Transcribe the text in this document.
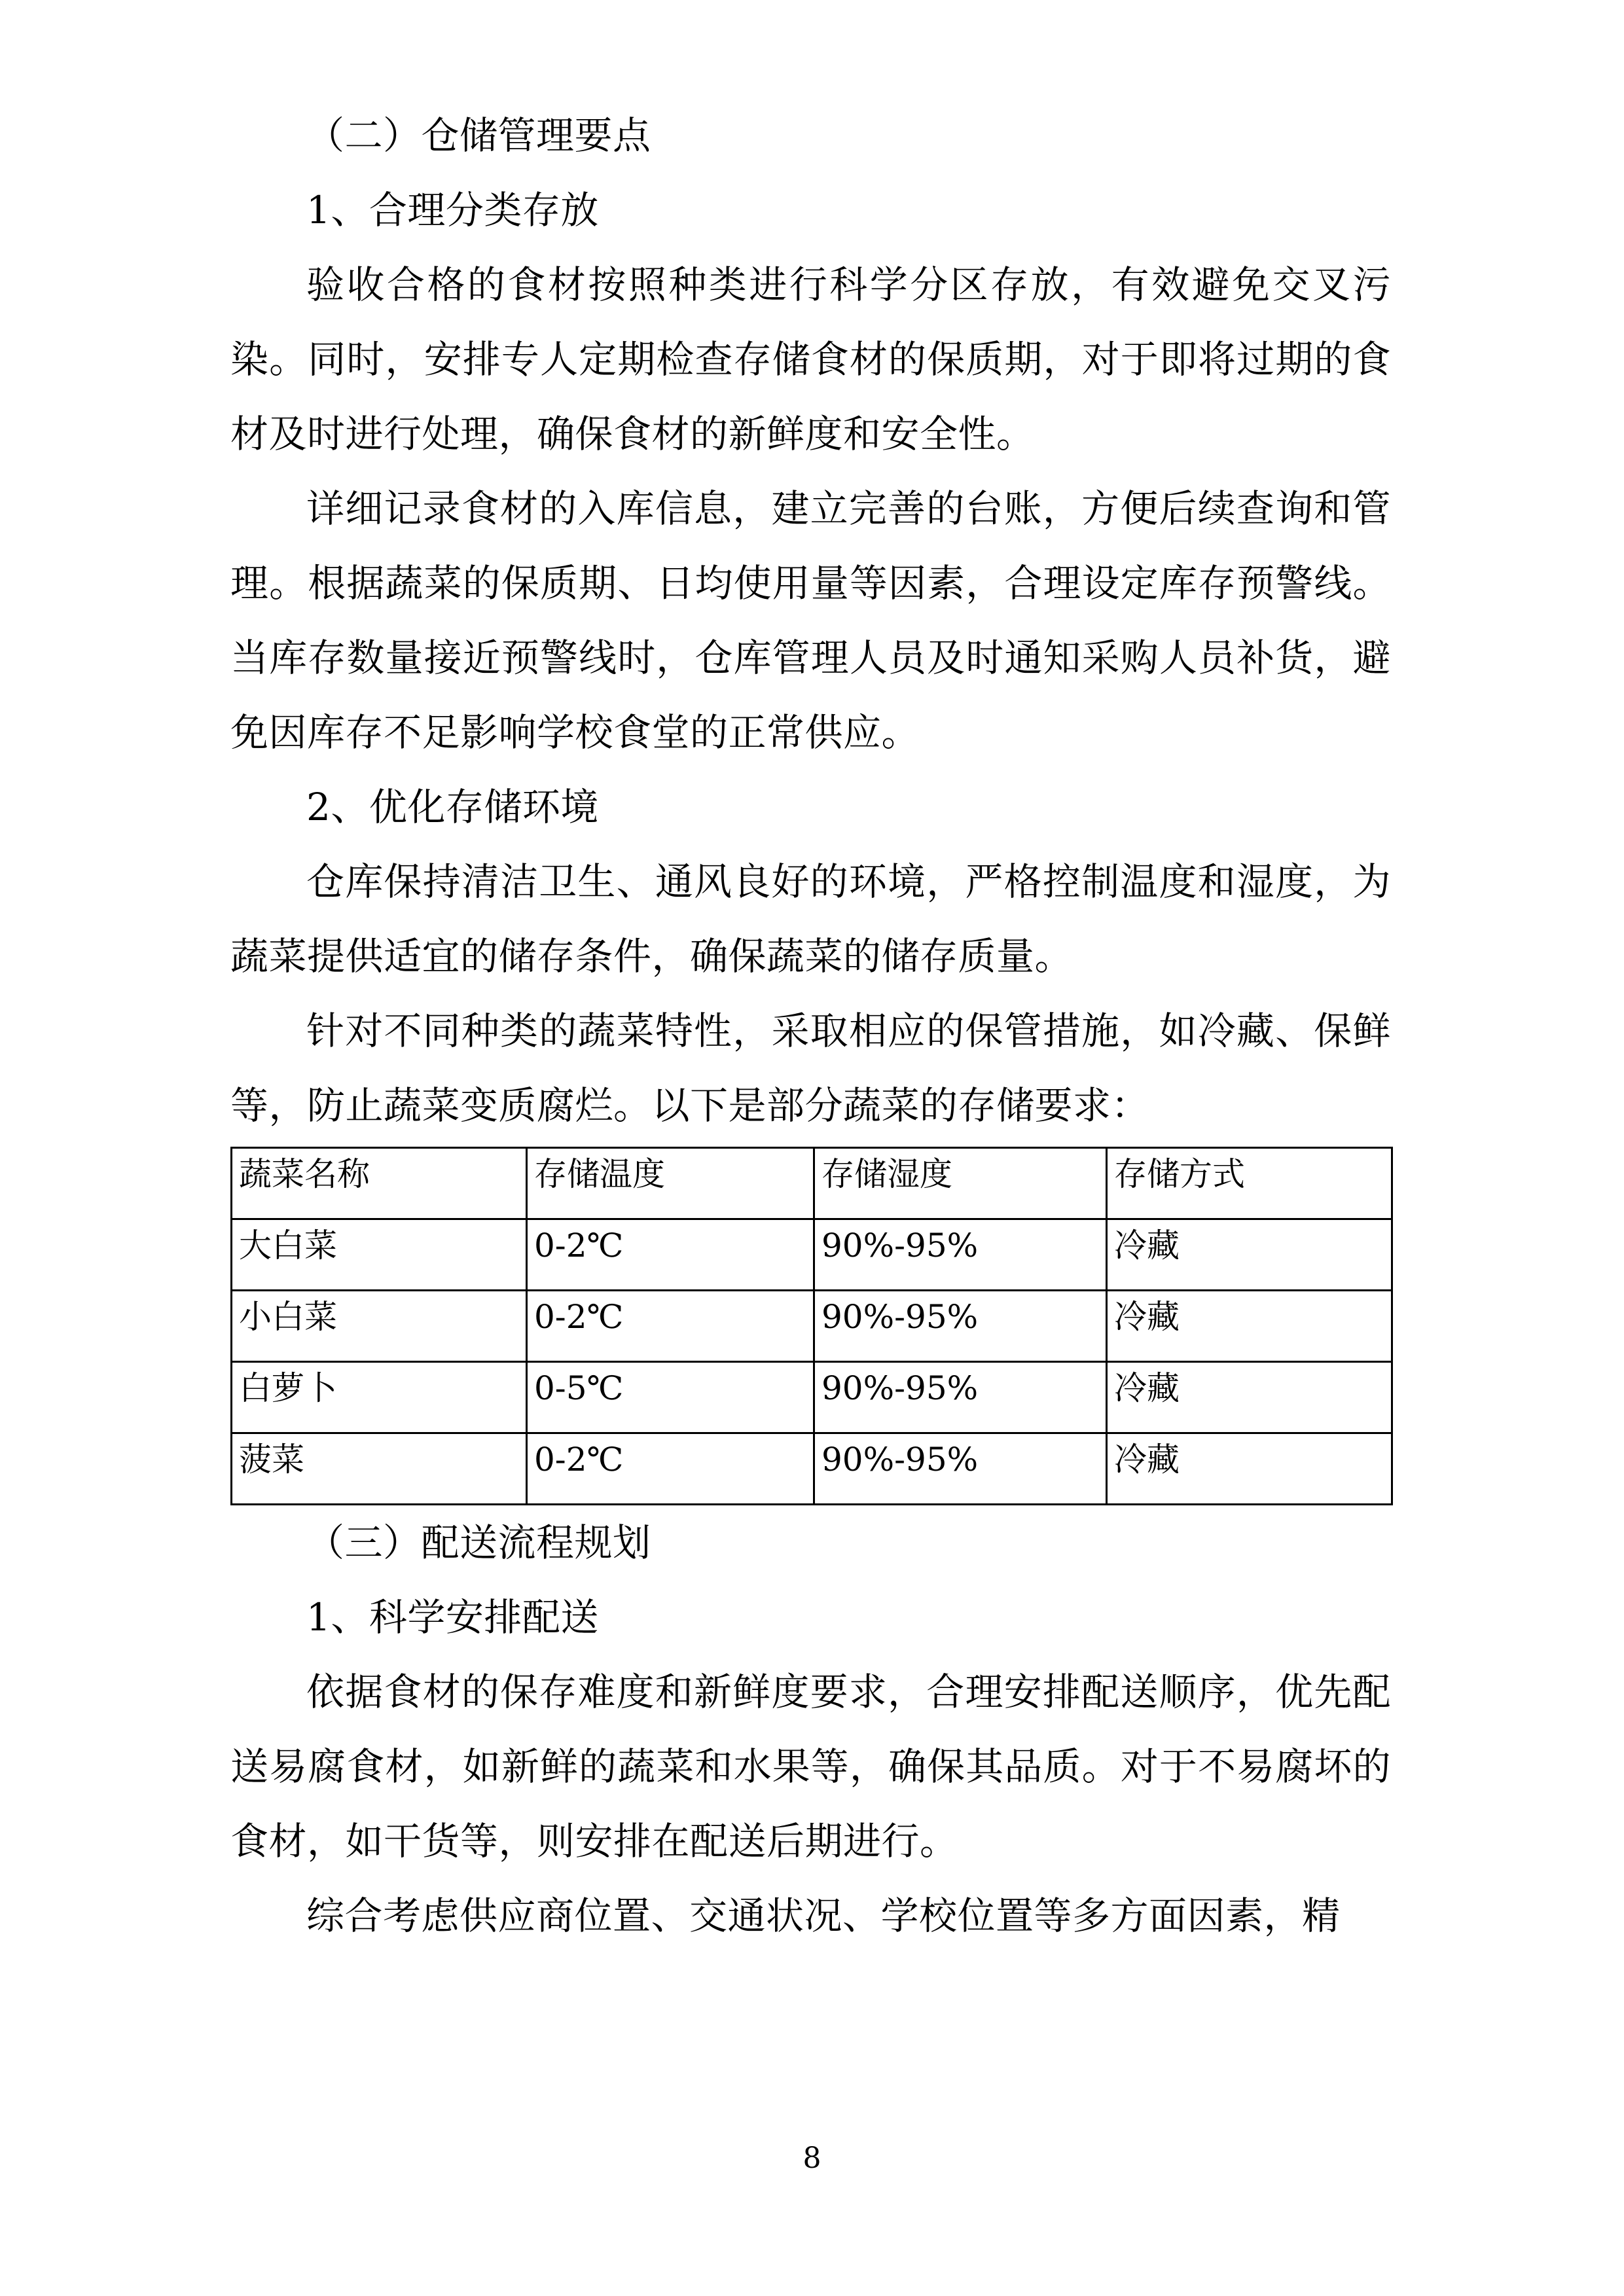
（二）仓储管理要点

1、合理分类存放

验收合格的食材按照种类进行科学分区存放，有效避免交叉污染。同时，安排专人定期检查存储食材的保质期，对于即将过期的食材及时进行处理，确保食材的新鲜度和安全性。

详细记录食材的入库信息，建立完善的台账，方便后续查询和管理。根据蔬菜的保质期、日均使用量等因素，合理设定库存预警线。当库存数量接近预警线时，仓库管理人员及时通知采购人员补货，避免因库存不足影响学校食堂的正常供应。

2、优化存储环境

仓库保持清洁卫生、通风良好的环境，严格控制温度和湿度，为蔬菜提供适宜的储存条件，确保蔬菜的储存质量。

针对不同种类的蔬菜特性，采取相应的保管措施，如冷藏、保鲜等，防止蔬菜变质腐烂。以下是部分蔬菜的存储要求：

蔬菜名称	存储温度	存储湿度	存储方式
大白菜	0-2℃	90%-95%	冷藏
小白菜	0-2℃	90%-95%	冷藏
白萝卜	0-5℃	90%-95%	冷藏
菠菜	0-2℃	90%-95%	冷藏

（三）配送流程规划

1、科学安排配送

依据食材的保存难度和新鲜度要求，合理安排配送顺序，优先配送易腐食材，如新鲜的蔬菜和水果等，确保其品质。对于不易腐坏的食材，如干货等，则安排在配送后期进行。

综合考虑供应商位置、交通状况、学校位置等多方面因素，精

8
